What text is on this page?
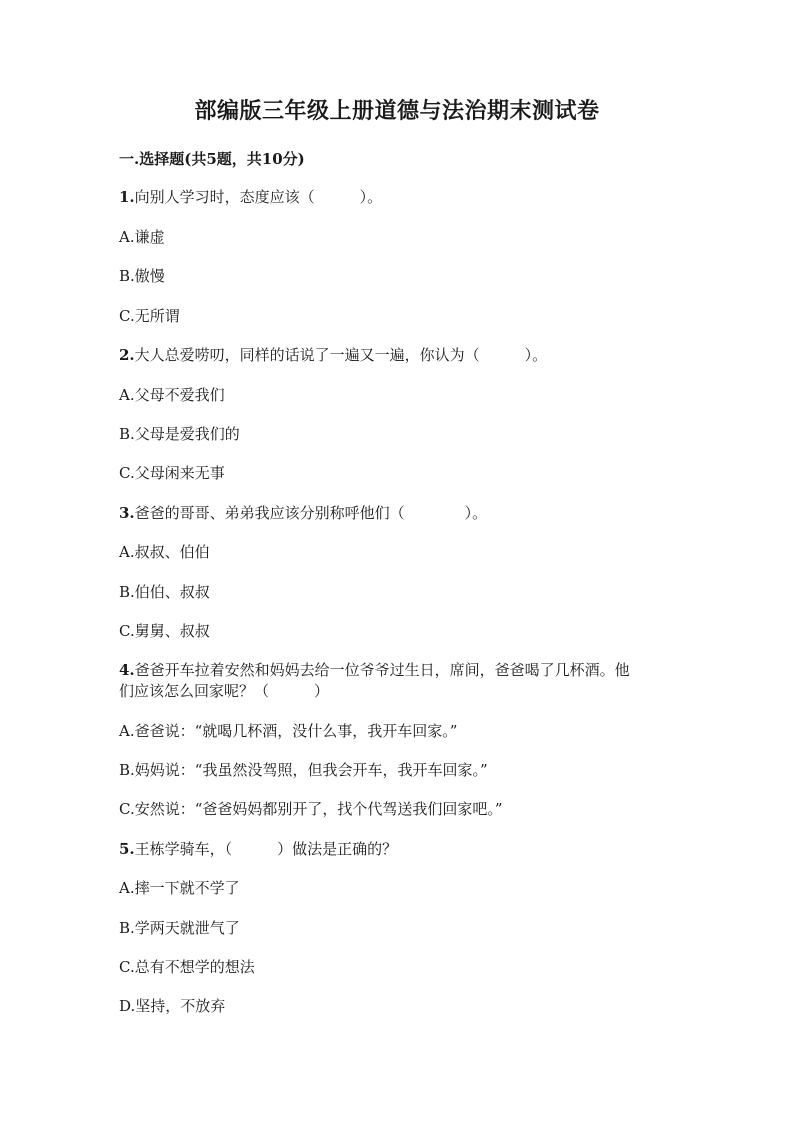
部编版三年级上册道德与法治期末测试卷
一.选择题(共5题，共10分)
1.向别人学习时，态度应该（　　　）。
A.谦虚
B.傲慢
C.无所谓
2.大人总爱唠叨，同样的话说了一遍又一遍，你认为（　　　）。
A.父母不爱我们
B.父母是爱我们的
C.父母闲来无事
3.爸爸的哥哥、弟弟我应该分别称呼他们（　　　　）。
A.叔叔、伯伯
B.伯伯、叔叔
C.舅舅、叔叔
4.爸爸开车拉着安然和妈妈去给一位爷爷过生日，席间，爸爸喝了几杯酒。他
们应该怎么回家呢？（　　　）
A.爸爸说：“就喝几杯酒，没什么事，我开车回家。”
B.妈妈说：“我虽然没驾照，但我会开车，我开车回家。”
C.安然说：“爸爸妈妈都别开了，找个代驾送我们回家吧。”
5.王栋学骑车，（　　　）做法是正确的？
A.摔一下就不学了
B.学两天就泄气了
C.总有不想学的想法
D.坚持，不放弃
